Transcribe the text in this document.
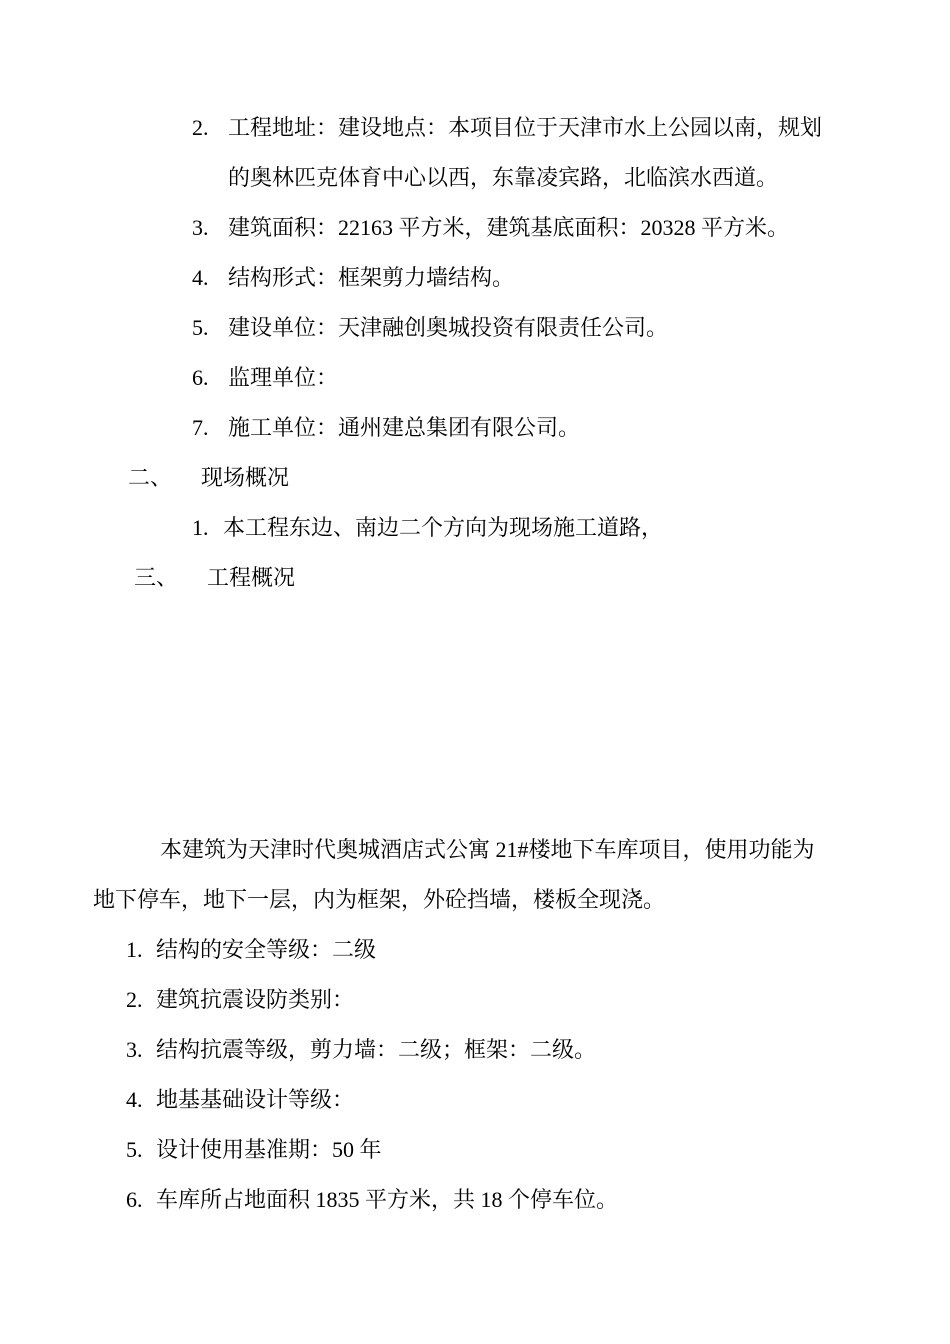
2. 工程地址：建设地点：本项目位于天津市水上公园以南，规划
的奥林匹克体育中心以西，东靠凌宾路，北临滨水西道。
3. 建筑面积：22163 平方米，建筑基底面积：20328 平方米。
4. 结构形式：框架剪力墙结构。
5. 建设单位：天津融创奥城投资有限责任公司。
6. 监理单位：
7. 施工单位：通州建总集团有限公司。
二、 现场概况
1. 本工程东边、南边二个方向为现场施工道路，
三、 工程概况
本建筑为天津时代奥城酒店式公寓 21#楼地下车库项目，使用功能为
地下停车，地下一层，内为框架，外砼挡墙，楼板全现浇。
1. 结构的安全等级：二级
2. 建筑抗震设防类别：
3. 结构抗震等级，剪力墙：二级；框架：二级。
4. 地基基础设计等级：
5. 设计使用基准期：50 年
6. 车库所占地面积 1835 平方米，共 18 个停车位。
